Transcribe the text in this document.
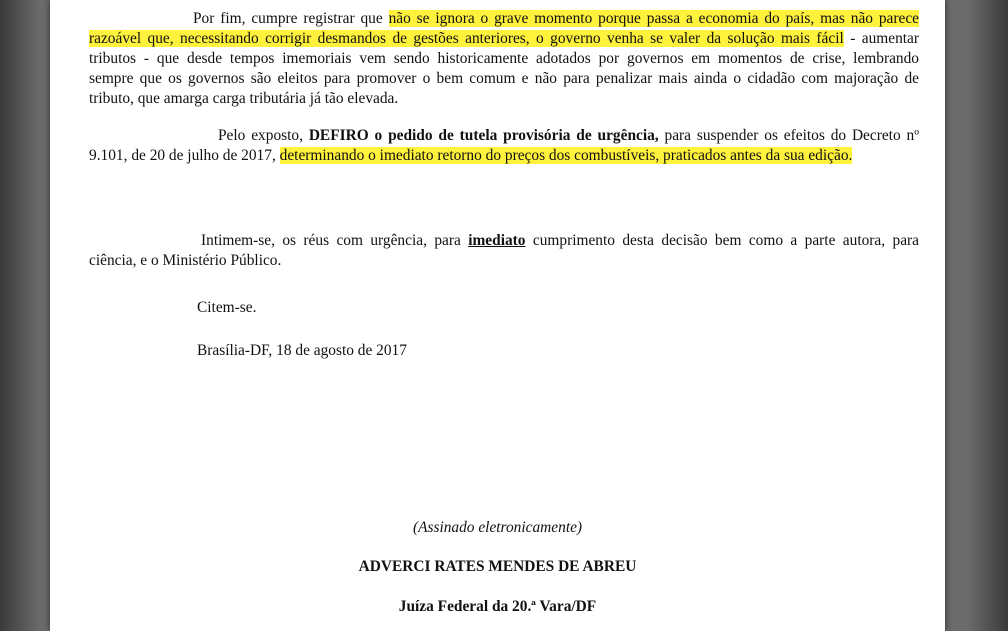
Por fim, cumpre registrar que não se ignora o grave momento porque passa a economia do país, mas não parece
razoável que, necessitando corrigir desmandos de gestões anteriores, o governo venha se valer da solução mais fácil - aumentar
tributos - que desde tempos imemoriais vem sendo historicamente adotados por governos em momentos de crise, lembrando
sempre que os governos são eleitos para promover o bem comum e não para penalizar mais ainda o cidadão com majoração de
tributo, que amarga carga tributária já tão elevada.
Pelo exposto, DEFIRO o pedido de tutela provisória de urgência, para suspender os efeitos do Decreto nº
9.101, de 20 de julho de 2017, determinando o imediato retorno do preços dos combustíveis, praticados antes da sua edição.
Intimem-se, os réus com urgência, para imediato cumprimento desta decisão bem como a parte autora, para
ciência, e o Ministério Público.
Citem-se.
Brasília-DF, 18 de agosto de 2017
(Assinado eletronicamente)
ADVERCI RATES MENDES DE ABREU
Juíza Federal da 20.ª Vara/DF
